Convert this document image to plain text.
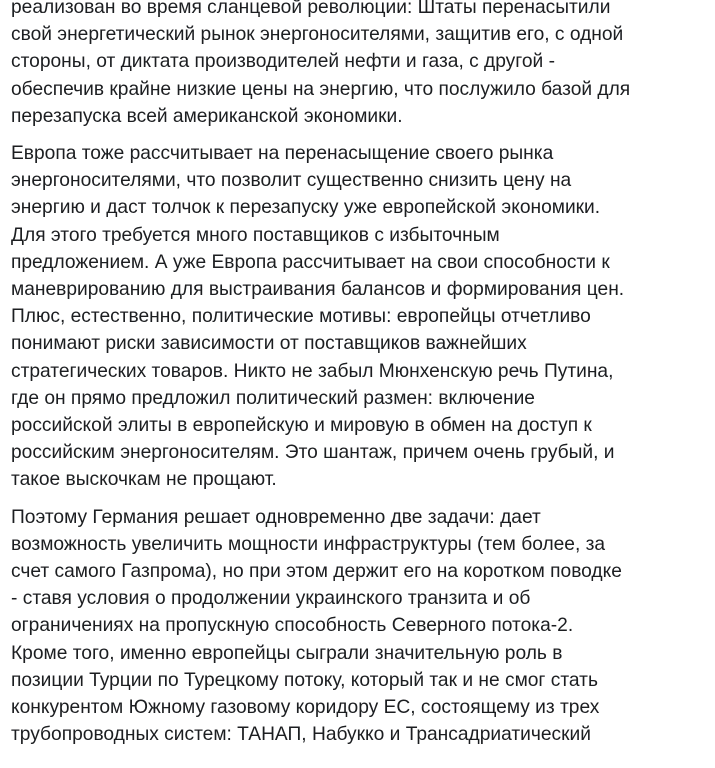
реализован во время сланцевой революции: Штаты перенасытили
свой энергетический рынок энергоносителями, защитив его, с одной
стороны, от диктата производителей нефти и газа, с другой -
обеспечив крайне низкие цены на энергию, что послужило базой для
перезапуска всей американской экономики.

Европа тоже рассчитывает на перенасыщение своего рынка
энергоносителями, что позволит существенно снизить цену на
энергию и даст толчок к перезапуску уже европейской экономики.
Для этого требуется много поставщиков с избыточным
предложением. А уже Европа рассчитывает на свои способности к
маневрированию для выстраивания балансов и формирования цен.
Плюс, естественно, политические мотивы: европейцы отчетливо
понимают риски зависимости от поставщиков важнейших
стратегических товаров. Никто не забыл Мюнхенскую речь Путина,
где он прямо предложил политический размен: включение
российской элиты в европейскую и мировую в обмен на доступ к
российским энергоносителям. Это шантаж, причем очень грубый, и
такое выскочкам не прощают.

Поэтому Германия решает одновременно две задачи: дает
возможность увеличить мощности инфраструктуры (тем более, за
счет самого Газпрома), но при этом держит его на коротком поводке
- ставя условия о продолжении украинского транзита и об
ограничениях на пропускную способность Северного потока-2.
Кроме того, именно европейцы сыграли значительную роль в
позиции Турции по Турецкому потоку, который так и не смог стать
конкурентом Южному газовому коридору ЕС, состоящему из трех
трубопроводных систем: ТАНАП, Набукко и Трансадриатический
